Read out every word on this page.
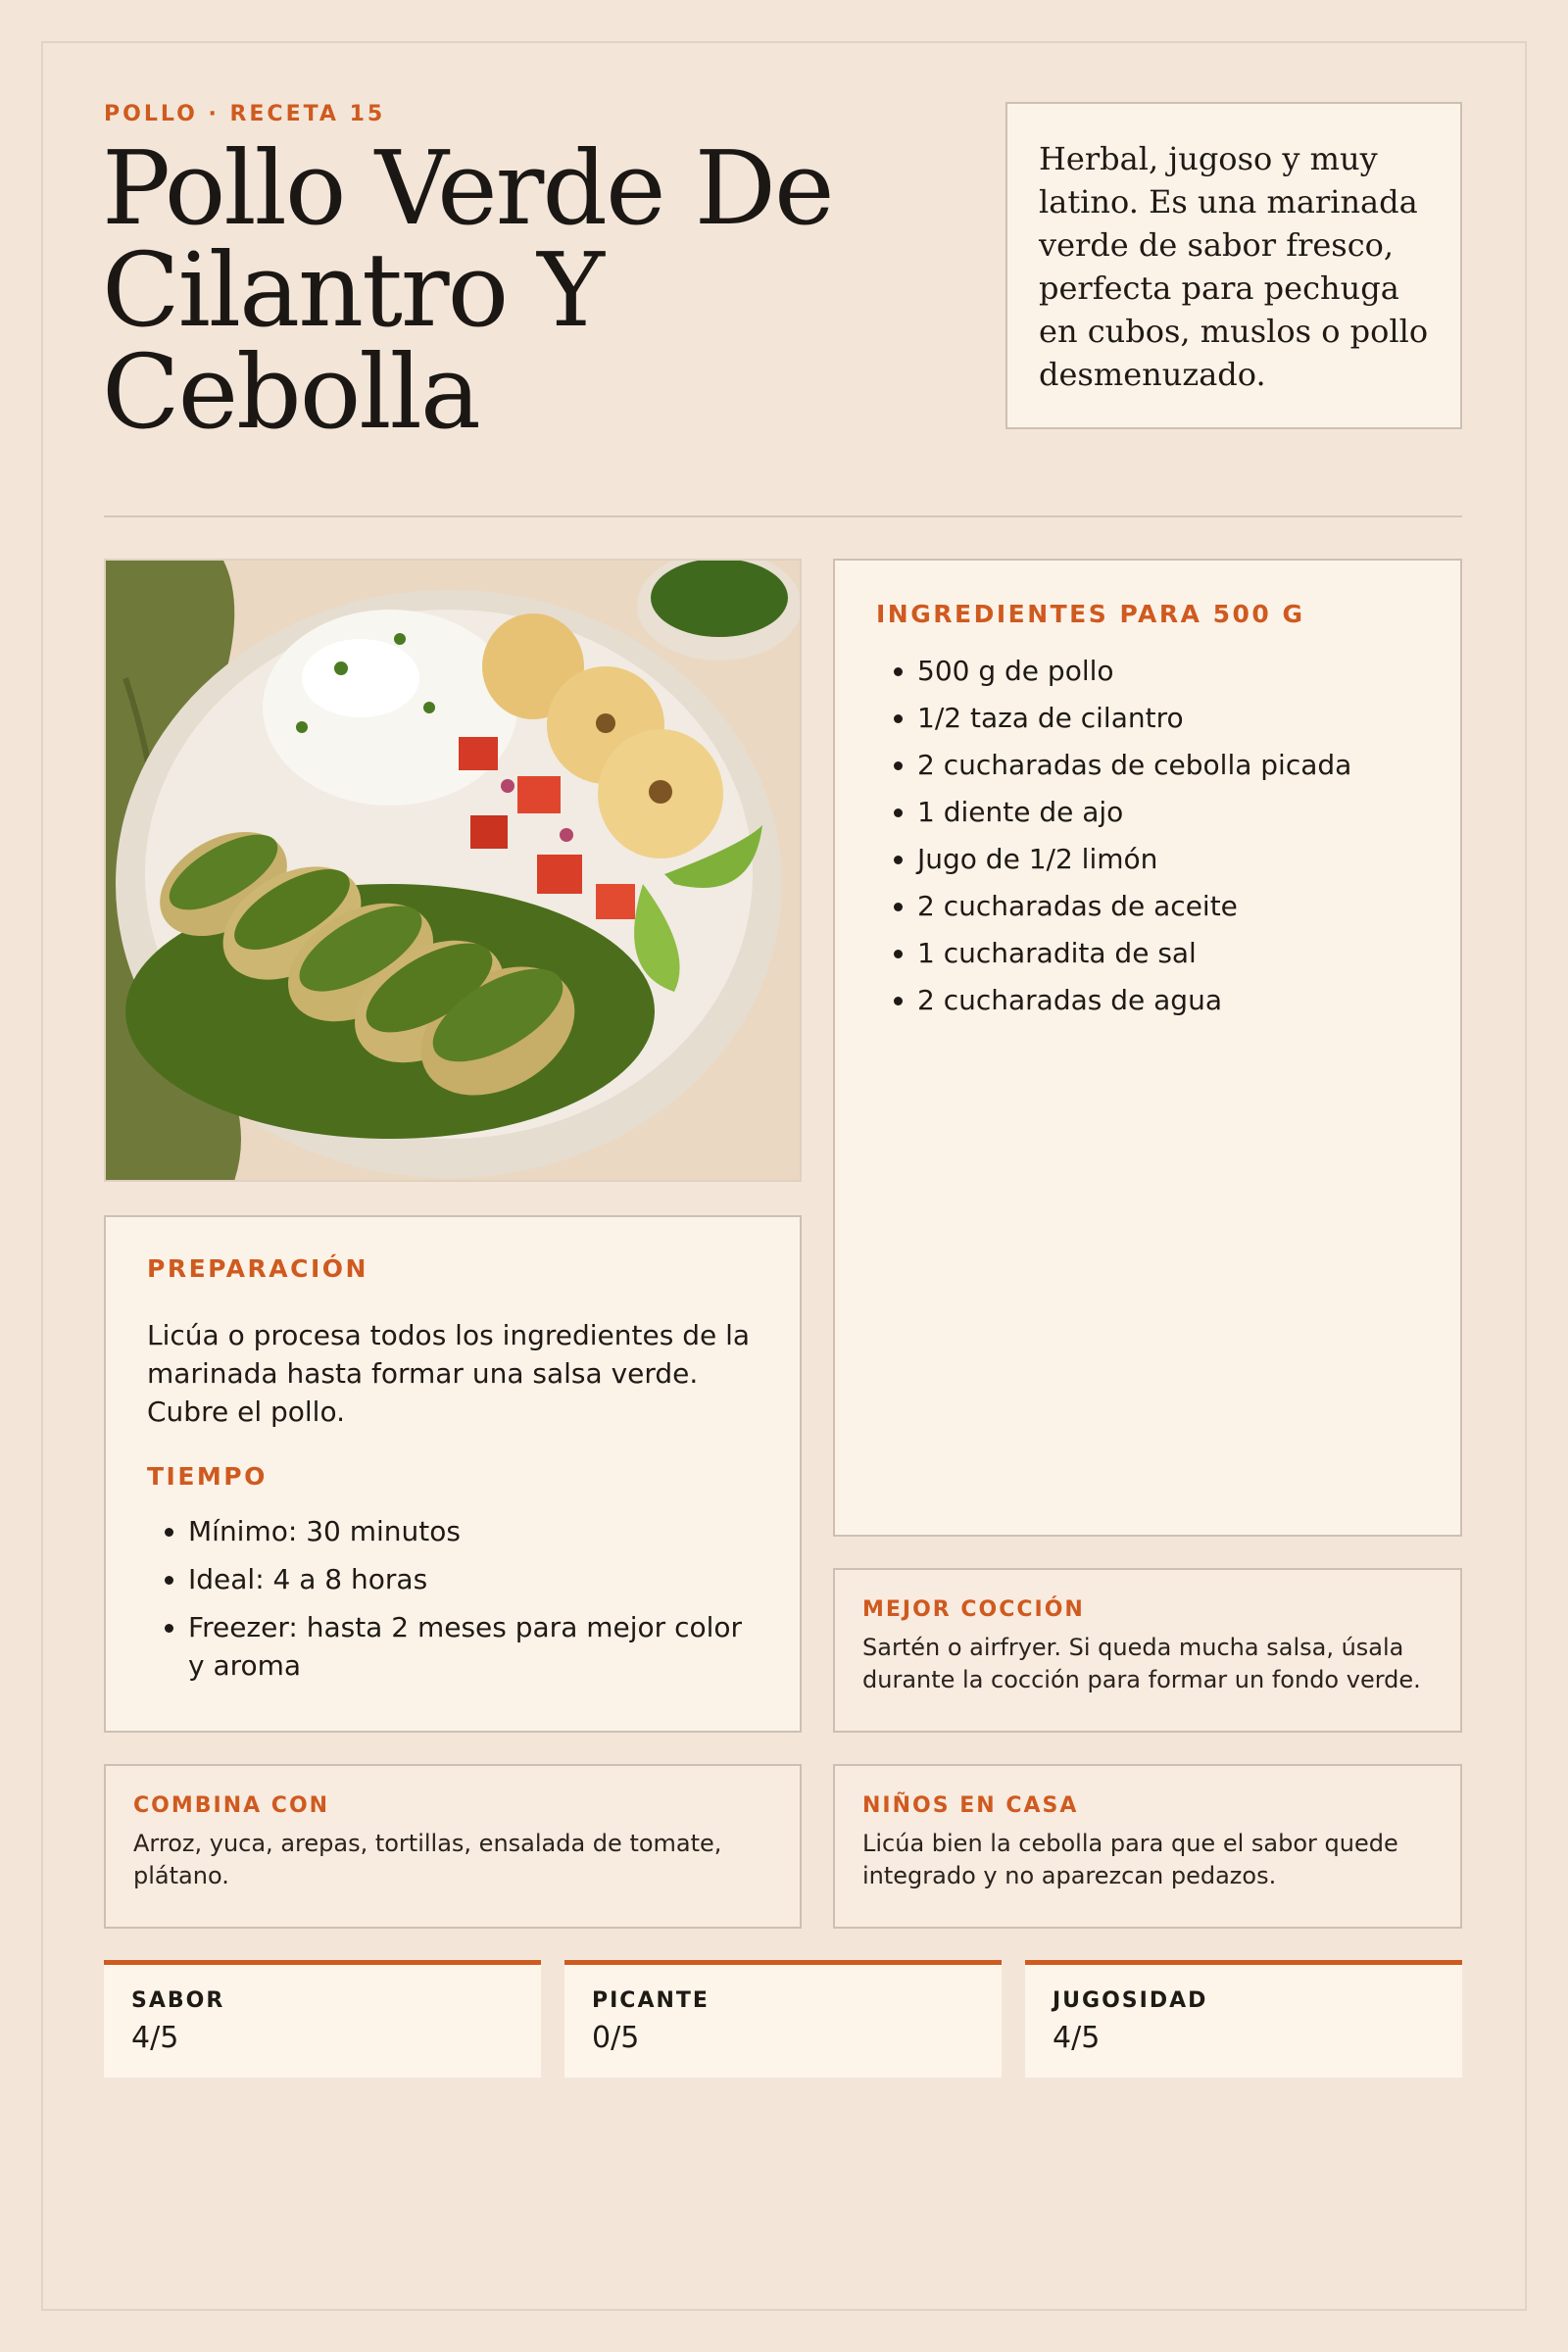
POLLO · RECETA 15
Pollo Verde De Cilantro Y Cebolla
Herbal, jugoso y muy latino. Es una marinada verde de sabor fresco, perfecta para pechuga en cubos, muslos o pollo desmenuzado.
INGREDIENTES PARA 500 G
• 500 g de pollo
• 1/2 taza de cilantro
• 2 cucharadas de cebolla picada
• 1 diente de ajo
• Jugo de 1/2 limón
• 2 cucharadas de aceite
• 1 cucharadita de sal
• 2 cucharadas de agua
PREPARACIÓN

Licúa o procesa todos los ingredientes de la marinada hasta formar una salsa verde. Cubre el pollo.

TIEMPO
• Mínimo: 30 minutos
• Ideal: 4 a 8 horas
• Freezer: hasta 2 meses para mejor color y aroma
MEJOR COCCIÓN

Sartén o airfryer. Si queda mucha salsa, úsala durante la cocción para formar un fondo verde.

COMBINA CON

Arroz, yuca, arepas, tortillas, ensalada de tomate, plátano.

NIÑOS EN CASA

Licúa bien la cebolla para que el sabor quede integrado y no aparezcan pedazos.

SABOR
4/5
PICANTE
0/5
JUGOSIDAD
4/5
